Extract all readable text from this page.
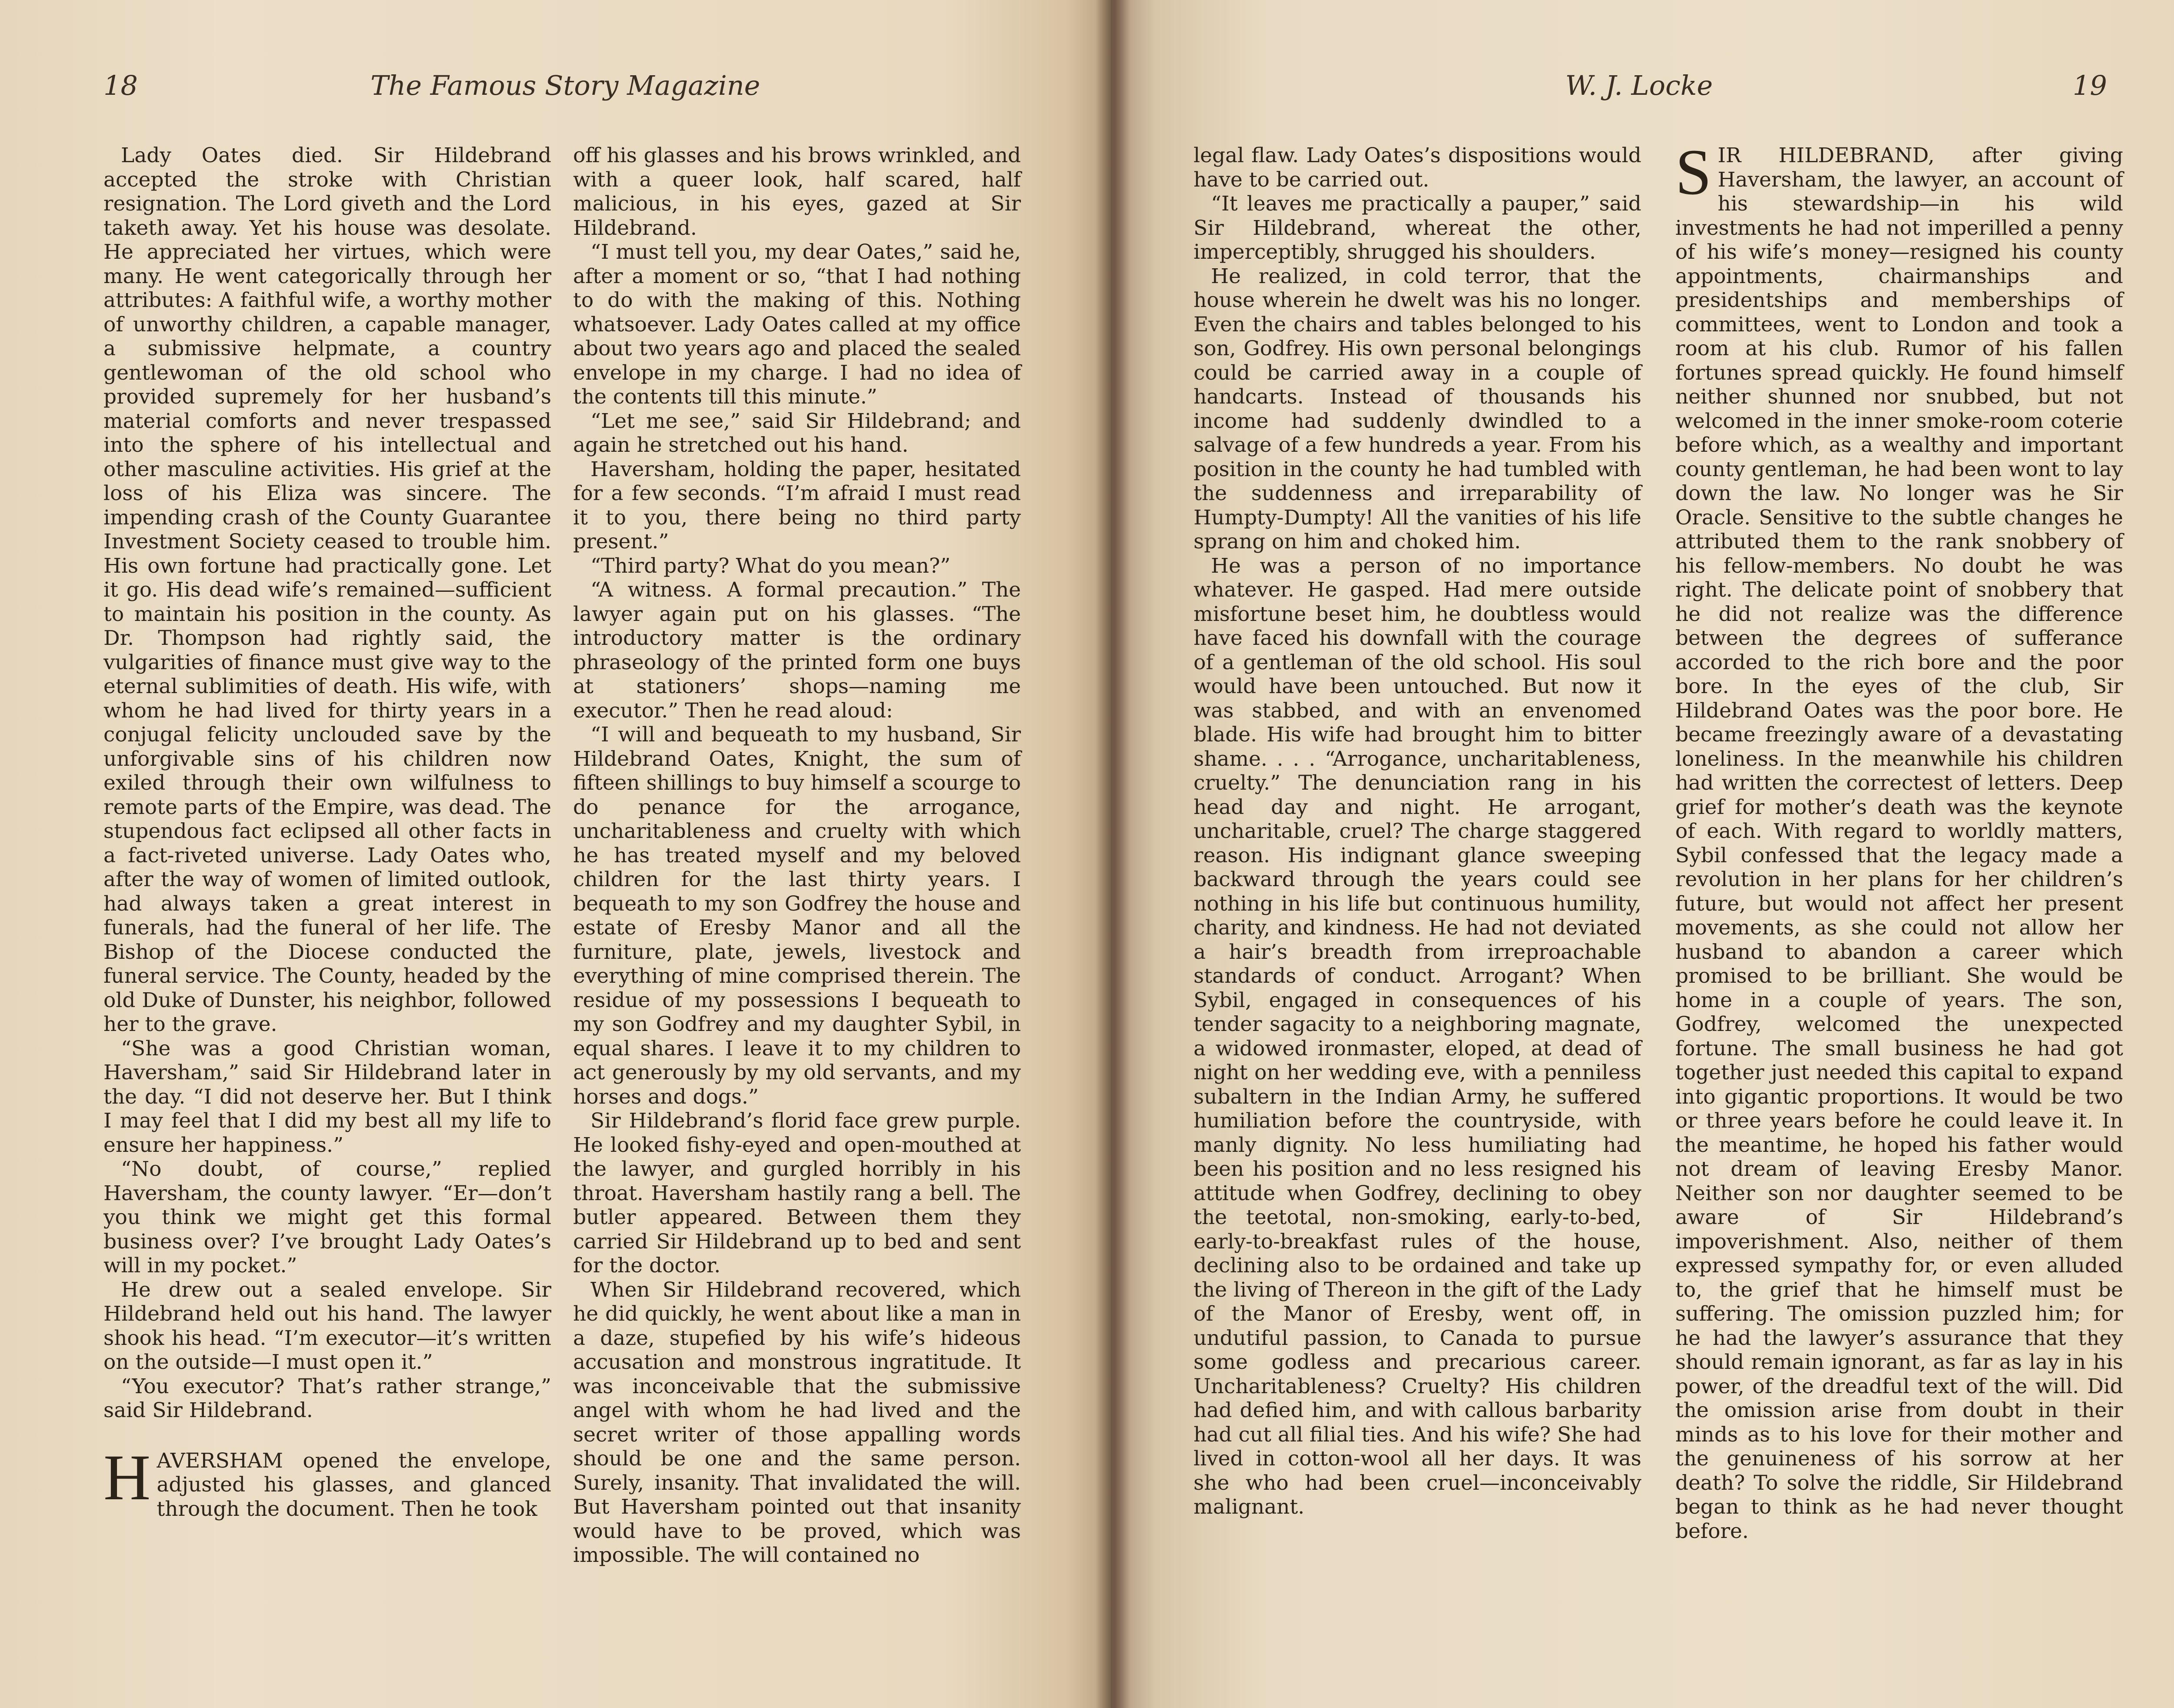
18	The Famous Story Magazine

Lady Oates died. Sir Hildebrand accepted the stroke with Christian resignation. The Lord giveth and the Lord taketh away. Yet his house was desolate. He appreciated her virtues, which were many. He went categorically through her attributes: A faithful wife, a worthy mother of unworthy children, a capable manager, a submissive helpmate, a country gentlewoman of the old school who provided supremely for her husband’s material comforts and never trespassed into the sphere of his intellectual and other masculine activities. His grief at the loss of his Eliza was sincere. The impending crash of the County Guarantee Investment Society ceased to trouble him. His own fortune had practically gone. Let it go. His dead wife’s remained—sufficient to maintain his position in the county. As Dr. Thompson had rightly said, the vulgarities of finance must give way to the eternal sublimities of death. His wife, with whom he had lived for thirty years in a conjugal felicity unclouded save by the unforgivable sins of his children now exiled through their own wilfulness to remote parts of the Empire, was dead. The stupendous fact eclipsed all other facts in a fact-riveted universe. Lady Oates who, after the way of women of limited outlook, had always taken a great interest in funerals, had the funeral of her life. The Bishop of the Diocese conducted the funeral service. The County, headed by the old Duke of Dunster, his neighbor, followed her to the grave.

“She was a good Christian woman, Haversham,” said Sir Hildebrand later in the day. “I did not deserve her. But I think I may feel that I did my best all my life to ensure her happiness.”

“No doubt, of course,” replied Haversham, the county lawyer. “Er—don’t you think we might get this formal business over? I’ve brought Lady Oates’s will in my pocket.”

He drew out a sealed envelope. Sir Hildebrand held out his hand. The lawyer shook his head. “I’m executor—it’s written on the outside—I must open it.”

“You executor? That’s rather strange,” said Sir Hildebrand.

HAVERSHAM opened the envelope, adjusted his glasses, and glanced through the document. Then he took

off his glasses and his brows wrinkled, and with a queer look, half scared, half malicious, in his eyes, gazed at Sir Hildebrand.

“I must tell you, my dear Oates,” said he, after a moment or so, “that I had nothing to do with the making of this. Nothing whatsoever. Lady Oates called at my office about two years ago and placed the sealed envelope in my charge. I had no idea of the contents till this minute.”

“Let me see,” said Sir Hildebrand; and again he stretched out his hand.

Haversham, holding the paper, hesitated for a few seconds. “I’m afraid I must read it to you, there being no third party present.”

“Third party? What do you mean?”

“A witness. A formal precaution.” The lawyer again put on his glasses. “The introductory matter is the ordinary phraseology of the printed form one buys at stationers’ shops—naming me executor.” Then he read aloud:

“I will and bequeath to my husband, Sir Hildebrand Oates, Knight, the sum of fifteen shillings to buy himself a scourge to do penance for the arrogance, uncharitableness and cruelty with which he has treated myself and my beloved children for the last thirty years. I bequeath to my son Godfrey the house and estate of Eresby Manor and all the furniture, plate, jewels, livestock and everything of mine comprised therein. The residue of my possessions I bequeath to my son Godfrey and my daughter Sybil, in equal shares. I leave it to my children to act generously by my old servants, and my horses and dogs.”

Sir Hildebrand’s florid face grew purple. He looked fishy-eyed and open-mouthed at the lawyer, and gurgled horribly in his throat. Haversham hastily rang a bell. The butler appeared. Between them they carried Sir Hildebrand up to bed and sent for the doctor.

When Sir Hildebrand recovered, which he did quickly, he went about like a man in a daze, stupefied by his wife’s hideous accusation and monstrous ingratitude. It was inconceivable that the submissive angel with whom he had lived and the secret writer of those appalling words should be one and the same person. Surely, insanity. That invalidated the will. But Haversham pointed out that insanity would have to be proved, which was impossible. The will contained no

W. J. Locke	19

legal flaw. Lady Oates’s dispositions would have to be carried out.

“It leaves me practically a pauper,” said Sir Hildebrand, whereat the other, imperceptibly, shrugged his shoulders.

He realized, in cold terror, that the house wherein he dwelt was his no longer. Even the chairs and tables belonged to his son, Godfrey. His own personal belongings could be carried away in a couple of handcarts. Instead of thousands his income had suddenly dwindled to a salvage of a few hundreds a year. From his position in the county he had tumbled with the suddenness and irreparability of Humpty-Dumpty! All the vanities of his life sprang on him and choked him.

He was a person of no importance whatever. He gasped. Had mere outside misfortune beset him, he doubtless would have faced his downfall with the courage of a gentleman of the old school. His soul would have been untouched. But now it was stabbed, and with an envenomed blade. His wife had brought him to bitter shame. . . . “Arrogance, uncharitableness, cruelty.” The denunciation rang in his head day and night. He arrogant, uncharitable, cruel? The charge staggered reason. His indignant glance sweeping backward through the years could see nothing in his life but continuous humility, charity, and kindness. He had not deviated a hair’s breadth from irreproachable standards of conduct. Arrogant? When Sybil, engaged in consequences of his tender sagacity to a neighboring magnate, a widowed ironmaster, eloped, at dead of night on her wedding eve, with a penniless subaltern in the Indian Army, he suffered humiliation before the countryside, with manly dignity. No less humiliating had been his position and no less resigned his attitude when Godfrey, declining to obey the teetotal, non-smoking, early-to-bed, early-to-breakfast rules of the house, declining also to be ordained and take up the living of Thereon in the gift of the Lady of the Manor of Eresby, went off, in undutiful passion, to Canada to pursue some godless and precarious career. Uncharitableness? Cruelty? His children had defied him, and with callous barbarity had cut all filial ties. And his wife? She had lived in cotton-wool all her days. It was she who had been cruel—inconceivably malignant.

SIR HILDEBRAND, after giving Haversham, the lawyer, an account of his stewardship—in his wild investments he had not imperilled a penny of his wife’s money—resigned his county appointments, chairmanships and presidentships and memberships of committees, went to London and took a room at his club. Rumor of his fallen fortunes spread quickly. He found himself neither shunned nor snubbed, but not welcomed in the inner smoke-room coterie before which, as a wealthy and important county gentleman, he had been wont to lay down the law. No longer was he Sir Oracle. Sensitive to the subtle changes he attributed them to the rank snobbery of his fellow-members. No doubt he was right. The delicate point of snobbery that he did not realize was the difference between the degrees of sufferance accorded to the rich bore and the poor bore. In the eyes of the club, Sir Hildebrand Oates was the poor bore. He became freezingly aware of a devastating loneliness. In the meanwhile his children had written the correctest of letters. Deep grief for mother’s death was the keynote of each. With regard to worldly matters, Sybil confessed that the legacy made a revolution in her plans for her children’s future, but would not affect her present movements, as she could not allow her husband to abandon a career which promised to be brilliant. She would be home in a couple of years. The son, Godfrey, welcomed the unexpected fortune. The small business he had got together just needed this capital to expand into gigantic proportions. It would be two or three years before he could leave it. In the meantime, he hoped his father would not dream of leaving Eresby Manor. Neither son nor daughter seemed to be aware of Sir Hildebrand’s impoverishment. Also, neither of them expressed sympathy for, or even alluded to, the grief that he himself must be suffering. The omission puzzled him; for he had the lawyer’s assurance that they should remain ignorant, as far as lay in his power, of the dreadful text of the will. Did the omission arise from doubt in their minds as to his love for their mother and the genuineness of his sorrow at her death? To solve the riddle, Sir Hildebrand began to think as he had never thought before.
